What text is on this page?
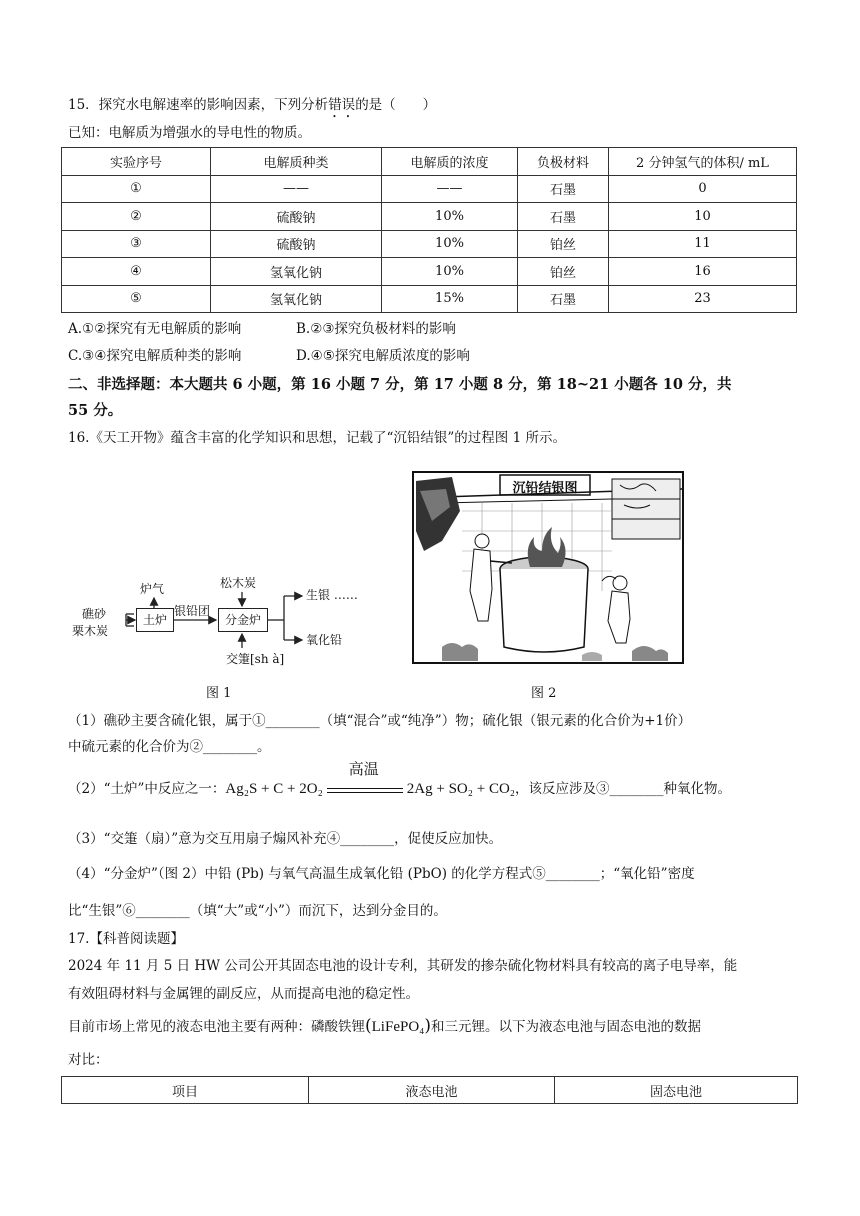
15．探究水电解速率的影响因素，下列分析错误的是（　　）
已知：电解质为增强水的导电性的物质。
实验序号	电解质种类	电解质的浓度	负极材料	2 分钟氢气的体积/ mL
①	——	——	石墨	0
②	硫酸钠	10%	石墨	10
③	硫酸钠	10%	铂丝	11
④	氢氧化钠	10%	铂丝	16
⑤	氢氧化钠	15%	石墨	23
A.①②探究有无电解质的影响	B.②③探究负极材料的影响
C.③④探究电解质种类的影响	D.④⑤探究电解质浓度的影响
二、非选择题：本大题共 6 小题，第 16 小题 7 分，第 17 小题 8 分，第 18~21 小题各 10 分，共
55 分。
16.《天工开物》蕴含丰富的化学知识和思想，记载了“沉铅结银”的过程图 1 所示。
礁砂
栗木炭
土炉
炉气
银铅团
松木炭
分金炉
交箑[sh à]
生银 ……
氧化铅
图 1
沉铅结银图
图 2
（1）礁砂主要含硫化银，属于①________（填“混合”或“纯净”）物；硫化银（银元素的化合价为+1价）
中硫元素的化合价为②________。
（2）“土炉”中反应之一：Ag₂S + C + 2O₂
高温
2Ag + SO₂ + CO₂，该反应涉及③________种氧化物。
（3）“交箑（扇）”意为交互用扇子煽风补充④________，促使反应加快。
（4）“分金炉”（图 2）中铅 (Pb) 与氧气高温生成氧化铅 (PbO) 的化学方程式⑤________；“氧化铅”密度
比“生银”⑥________（填“大”或“小”）而沉下，达到分金目的。
17.【科普阅读题】
2024 年 11 月 5 日 HW 公司公开其固态电池的设计专利，其研发的掺杂硫化物材料具有较高的离子电导率，能
有效阻碍材料与金属锂的副反应，从而提高电池的稳定性。
目前市场上常见的液态电池主要有两种：磷酸铁锂(LiFePO₄)和三元锂。以下为液态电池与固态电池的数据
对比：
项目	液态电池	固态电池
